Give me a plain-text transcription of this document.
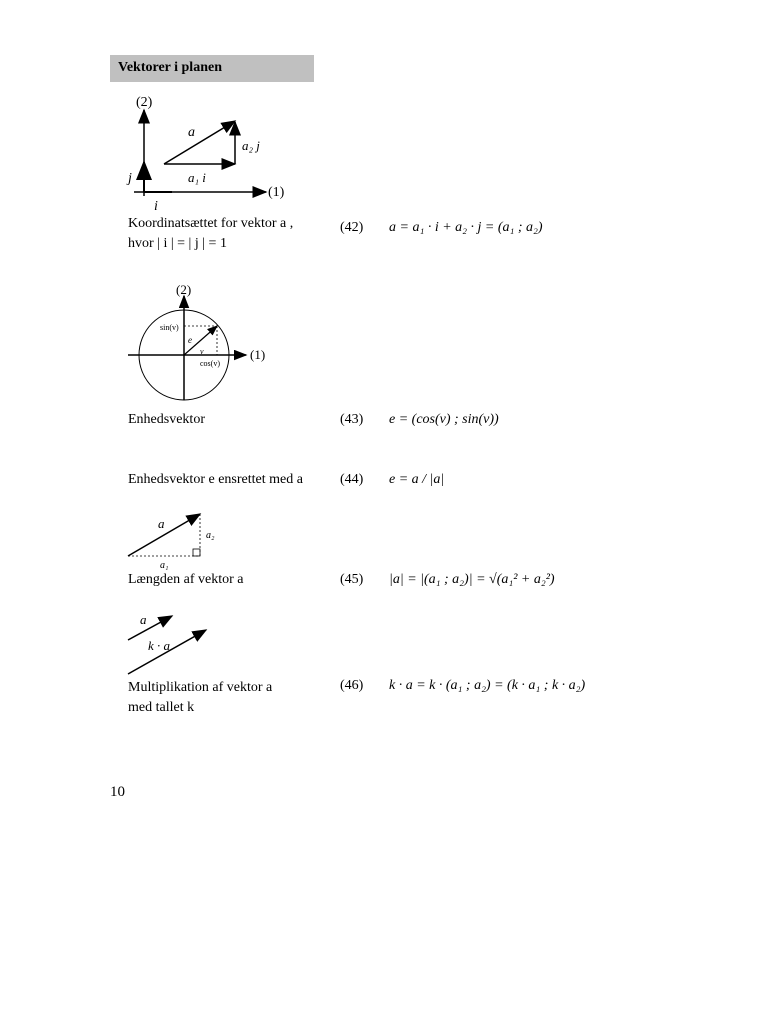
Vektorer i planen
(2)
(1)
a
a₂ j
a₁ i
j
i
Koordinatsættet for vektor a ,
hvor | i | = | j | = 1
(42) a = a₁ · i + a₂ · j = (a₁ ; a₂)
(2)
(1)
sin(v)
cos(v)
e
v
Enhedsvektor	(43) e = (cos(v) ; sin(v))
Enhedsvektor e ensrettet med a	(44) e = a / |a|
a
a₁
a₂
Længden af vektor a	(45) |a| = |(a₁ ; a₂)| = √(a₁² + a₂²)
a
k · a
Multiplikation af vektor a
med tallet k
(46) k · a = k · (a₁ ; a₂) = (k · a₁ ; k · a₂)
10
